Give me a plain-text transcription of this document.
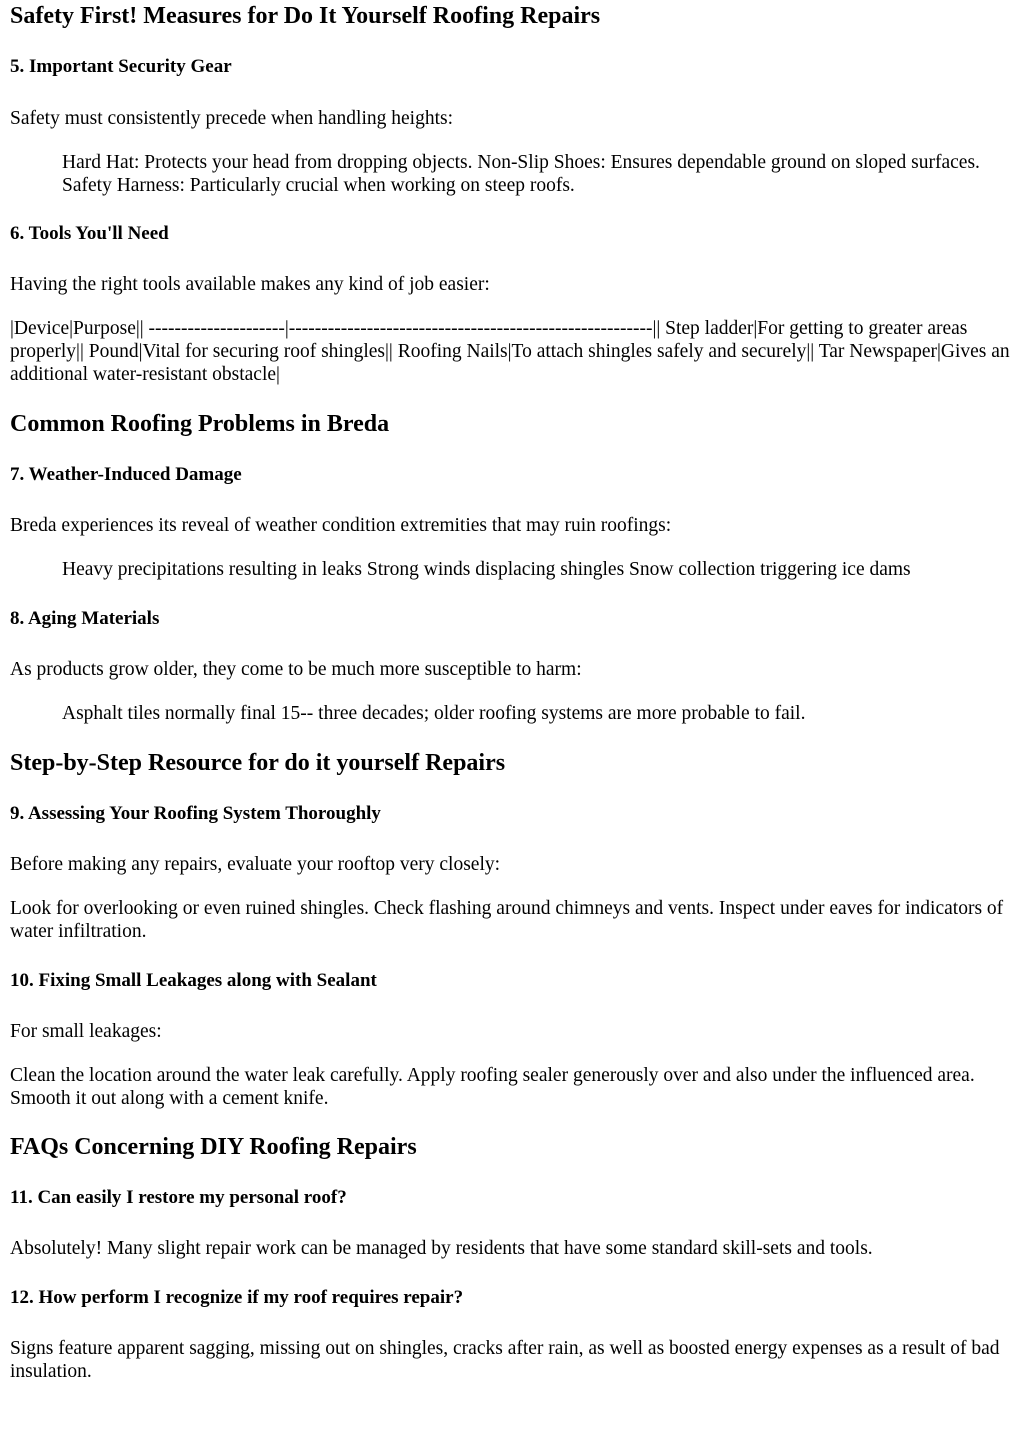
Safety First! Measures for Do It Yourself Roofing Repairs
5. Important Security Gear

Safety must consistently precede when handling heights:

Hard Hat: Protects your head from dropping objects. Non-Slip Shoes: Ensures dependable ground on sloped surfaces. Safety Harness: Particularly crucial when working on steep roofs.
6. Tools You'll Need

Having the right tools available makes any kind of job easier:

|Device|Purpose|| ---------------------|--------------------------------------------------------|| Step ladder|For getting to greater areas properly|| Pound|Vital for securing roof shingles|| Roofing Nails|To attach shingles safely and securely|| Tar Newspaper|Gives an additional water-resistant obstacle|

Common Roofing Problems in Breda
7. Weather-Induced Damage

Breda experiences its reveal of weather condition extremities that may ruin roofings:

Heavy precipitations resulting in leaks Strong winds displacing shingles Snow collection triggering ice dams
8. Aging Materials

As products grow older, they come to be much more susceptible to harm:

Asphalt tiles normally final 15-- three decades; older roofing systems are more probable to fail.
Step-by-Step Resource for do it yourself Repairs
9. Assessing Your Roofing System Thoroughly

Before making any repairs, evaluate your rooftop very closely:

Look for overlooking or even ruined shingles. Check flashing around chimneys and vents. Inspect under eaves for indicators of water infiltration.

10. Fixing Small Leakages along with Sealant

For small leakages:

Clean the location around the water leak carefully. Apply roofing sealer generously over and also under the influenced area. Smooth it out along with a cement knife.

FAQs Concerning DIY Roofing Repairs
11. Can easily I restore my personal roof?

Absolutely! Many slight repair work can be managed by residents that have some standard skill-sets and tools.

12. How perform I recognize if my roof requires repair?

Signs feature apparent sagging, missing out on shingles, cracks after rain, as well as boosted energy expenses as a result of bad insulation.
